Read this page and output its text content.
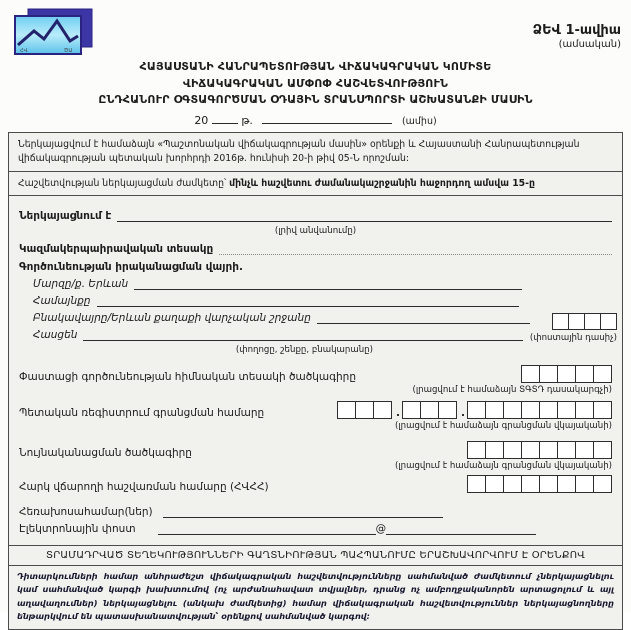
ՀՎ	ԾԱ
ՁԵՎ 1-ավիա
(ամսական)
ՀԱՅԱՍՏԱՆԻ ՀԱՆՐԱՊԵՏՈՒԹՅԱՆ ՎԻՃԱԿԱԳՐԱԿԱՆ ԿՈՄԻՏԵ
ՎԻՃԱԿԱԳՐԱԿԱՆ ԱՄՓՈՓ ՀԱՇՎԵՏՎՈՒԹՅՈՒՆ
ԸՆԴՀԱՆՈՒՐ ՕԳՏԱԳՈՐԾՄԱՆ ՕԴԱՅԻՆ ՏՐԱՆՍՊՈՐՏԻ ԱՇԽԱՏԱՆՔԻ ՄԱՍԻՆ
20	թ.	(ամիս)
Ներկայացվում է համաձայն «Պաշտոնական վիճակագրության մասին» օրենքի և Հայաստանի Հանրապետության վիճակագրության պետական խորհրդի 2016թ. հունիսի 20-ի թիվ 05-Ն որոշման:
Հաշվետվության ներկայացման ժամկետը՝ մինչև հաշվետու ժամանակաշրջանին հաջորդող ամսվա 15-ը
Ներկայացնում է
(լրիվ անվանումը)
Կազմակերպաիրավական տեսակը
Գործունեության իրականացման վայրի.
Մարզը/ք. Երևան
Համայնքը
Բնակավայրը/Երևան քաղաքի վարչական շրջանը
Հասցեն
(փողոցը, շենքը, բնակարանը)
(փոստային դասիչ)
Փաստացի գործունեության հիմնական տեսակի ծածկագիրը
(լրացվում է համաձայն ՏԳՏԴ դասակարգչի)
Պետական ռեգիստրում գրանցման համարը	.	.
(լրացվում է համաձայն գրանցման վկայականի)
Նույնականացման ծածկագիրը
(լրացվում է համաձայն գրանցման վկայականի)
Հարկ վճարողի հաշվառման համարը (ՀՎՀՀ)
Հեռախոսահամար(ներ)
Էլեկտրոնային փոստ	@
ՏՐԱՄԱԴՐՎԱԾ ՏԵՂԵԿՈՒԹՅՈՒՆՆԵՐԻ ԳԱՂՏՆԻՈՒԹՅԱՆ ՊԱՀՊԱՆՈՒՄԸ ԵՐԱՇԽԱՎՈՐՎՈՒՄ Է ՕՐԵՆՔՈՎ
Դիտարկումների համար անհրաժեշտ վիճակագրական հաշվետվությունները սահմանված ժամկետում չներկայացնելու կամ սահմանված կարգի խախտումով (ոչ արժանահավատ տվյալներ, դրանց ոչ ամբողջականորեն արտացոլում և այլ աղավաղումներ) ներկայացնելու (անկախ ժամկետից) համար վիճակագրական հաշվետվություններ ներկայացնողները ենթարկվում են պատասխանատվության՝ օրենքով սահմանված կարգով:
